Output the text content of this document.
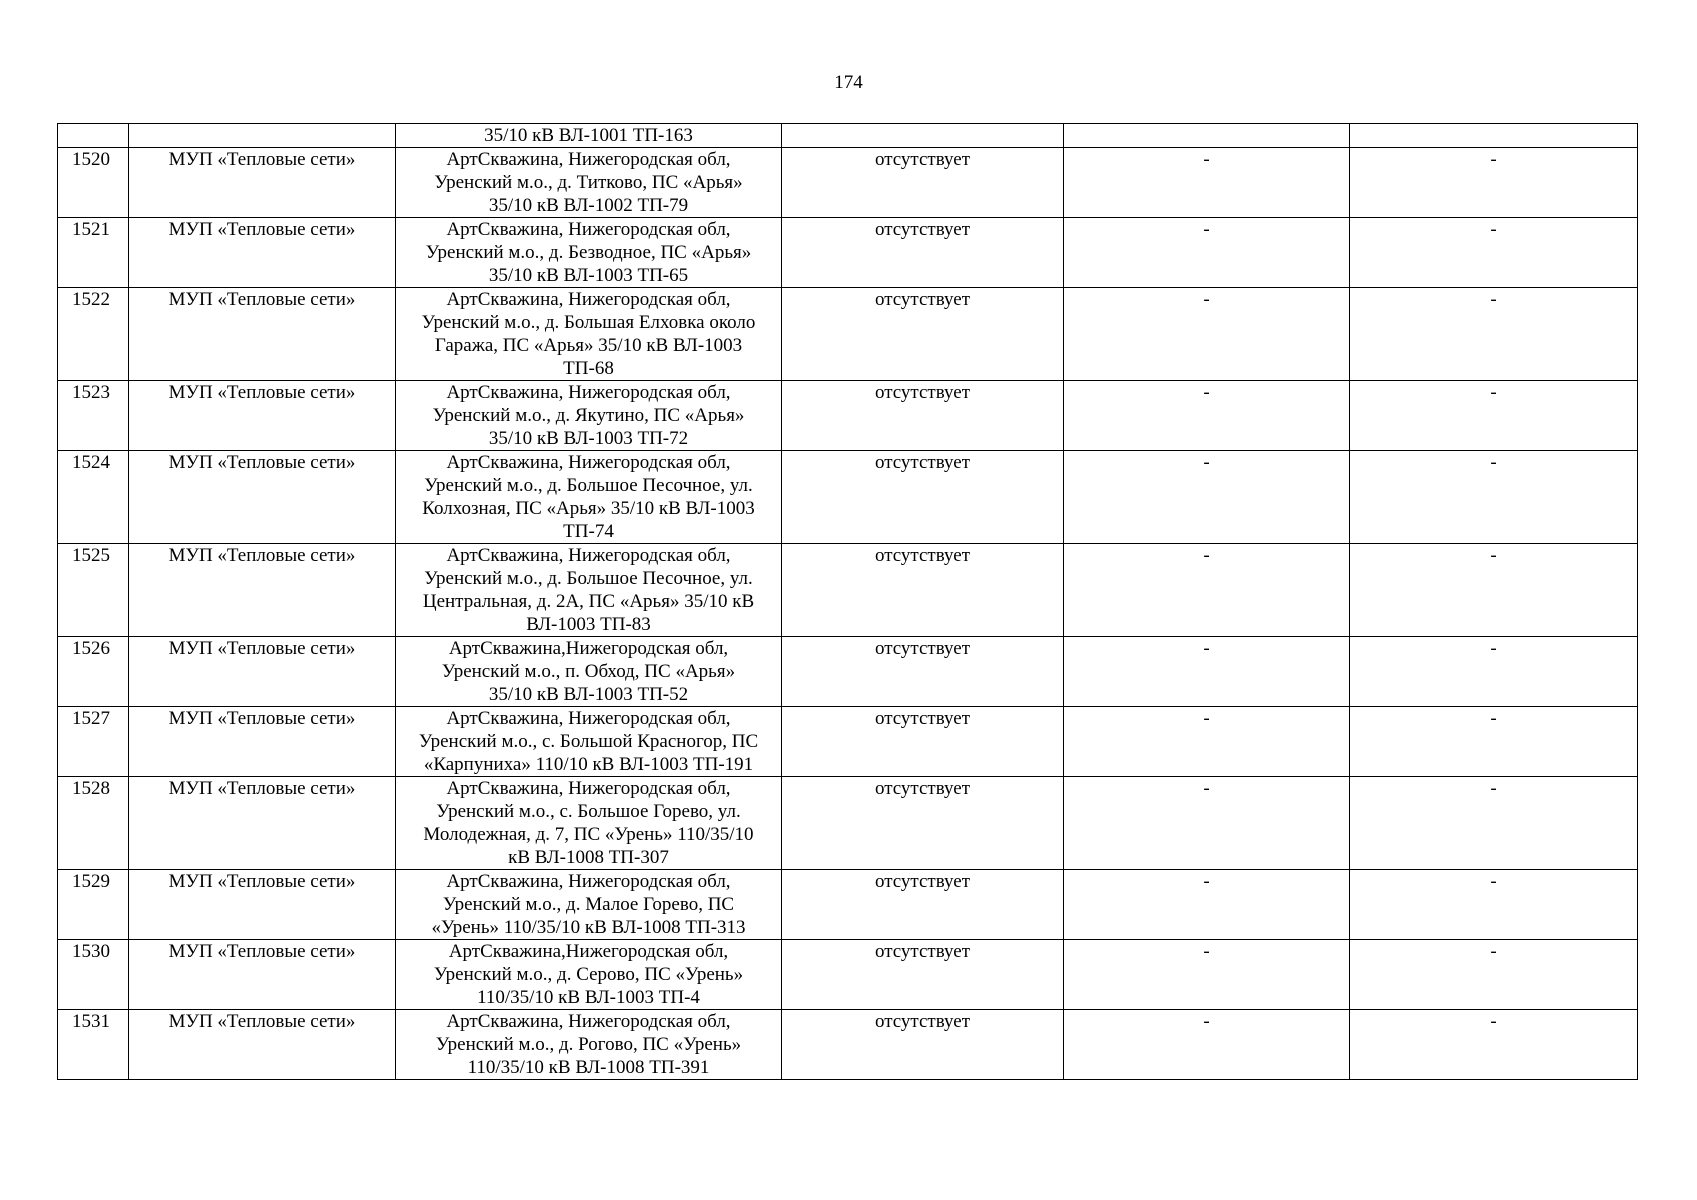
174
		35/10 кВ ВЛ-1001 ТП-163			
1520	МУП «Тепловые сети»	АртСкважина, Нижегородская обл,
Уренский м.о., д. Титково, ПС «Арья»
35/10 кВ ВЛ-1002 ТП-79	отсутствует	-	-
1521	МУП «Тепловые сети»	АртСкважина, Нижегородская обл,
Уренский м.о., д. Безводное, ПС «Арья»
35/10 кВ ВЛ-1003 ТП-65	отсутствует	-	-
1522	МУП «Тепловые сети»	АртСкважина, Нижегородская обл,
Уренский м.о., д. Большая Елховка около
Гаража, ПС «Арья» 35/10 кВ ВЛ-1003
ТП-68	отсутствует	-	-
1523	МУП «Тепловые сети»	АртСкважина, Нижегородская обл,
Уренский м.о., д. Якутино, ПС «Арья»
35/10 кВ ВЛ-1003 ТП-72	отсутствует	-	-
1524	МУП «Тепловые сети»	АртСкважина, Нижегородская обл,
Уренский м.о., д. Большое Песочное, ул.
Колхозная, ПС «Арья» 35/10 кВ ВЛ-1003
ТП-74	отсутствует	-	-
1525	МУП «Тепловые сети»	АртСкважина, Нижегородская обл,
Уренский м.о., д. Большое Песочное, ул.
Центральная, д. 2А, ПС «Арья» 35/10 кВ
ВЛ-1003 ТП-83	отсутствует	-	-
1526	МУП «Тепловые сети»	АртСкважина,Нижегородская обл,
Уренский м.о., п. Обход, ПС «Арья»
35/10 кВ ВЛ-1003 ТП-52	отсутствует	-	-
1527	МУП «Тепловые сети»	АртСкважина, Нижегородская обл,
Уренский м.о., с. Большой Красногор, ПС
«Карпуниха» 110/10 кВ ВЛ-1003 ТП-191	отсутствует	-	-
1528	МУП «Тепловые сети»	АртСкважина, Нижегородская обл,
Уренский м.о., с. Большое Горево, ул.
Молодежная, д. 7, ПС «Урень» 110/35/10
кВ ВЛ-1008 ТП-307	отсутствует	-	-
1529	МУП «Тепловые сети»	АртСкважина, Нижегородская обл,
Уренский м.о., д. Малое Горево, ПС
«Урень» 110/35/10 кВ ВЛ-1008 ТП-313	отсутствует	-	-
1530	МУП «Тепловые сети»	АртСкважина,Нижегородская обл,
Уренский м.о., д. Серово, ПС «Урень»
110/35/10 кВ ВЛ-1003 ТП-4	отсутствует	-	-
1531	МУП «Тепловые сети»	АртСкважина, Нижегородская обл,
Уренский м.о., д. Рогово, ПС «Урень»
110/35/10 кВ ВЛ-1008 ТП-391	отсутствует	-	-
